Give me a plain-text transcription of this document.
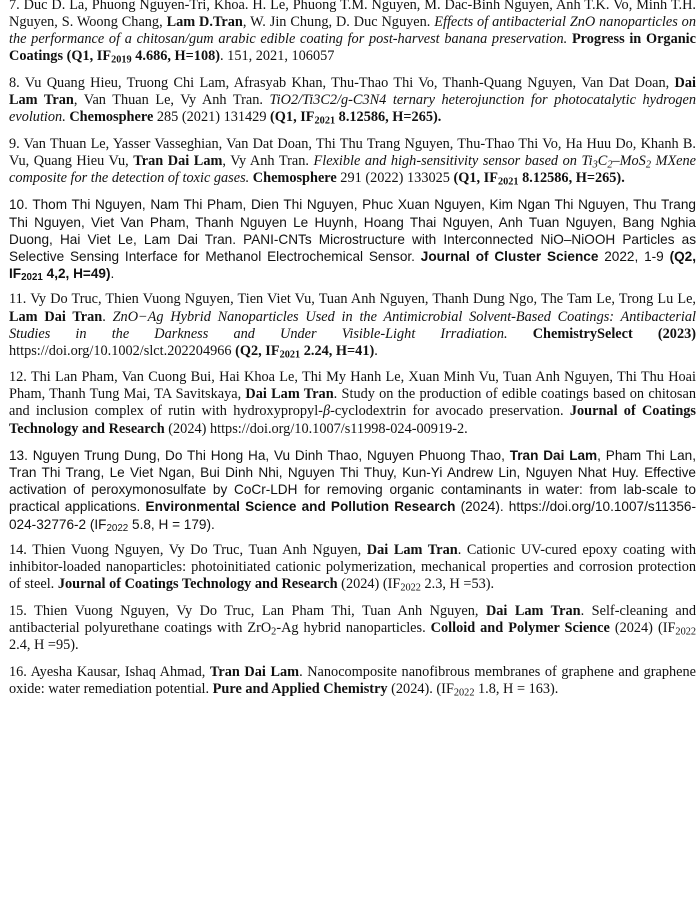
7. Duc D. La, Phuong Nguyen-Tri, Khoa. H. Le, Phuong T.M. Nguyen, M. Dac-Binh Nguyen, Anh T.K. Vo, Minh T.H. Nguyen, S. Woong Chang, Lam D.Tran, W. Jin Chung, D. Duc Nguyen. Effects of antibacterial ZnO nanoparticles on the performance of a chitosan/gum arabic edible coating for post-harvest banana preservation. Progress in Organic Coatings (Q1, $IF_{2019}$ 4.686, H=108). 151, 2021, 106057
8. Vu Quang Hieu, Truong Chi Lam, Afrasyab Khan, Thu-Thao Thi Vo, Thanh-Quang Nguyen, Van Dat Doan, Dai Lam Tran, Van Thuan Le, Vy Anh Tran. TiO2/Ti3C2/g-C3N4 ternary heterojunction for photocatalytic hydrogen evolution. Chemosphere 285 (2021) 131429 (Q1, $IF_{2021}$ 8.12586, H=265).
9. Van Thuan Le, Yasser Vasseghian, Van Dat Doan, Thi Thu Trang Nguyen, Thu-Thao Thi Vo, Ha Huu Do, Khanh B. Vu, Quang Hieu Vu, Tran Dai Lam, Vy Anh Tran. Flexible and high-sensitivity sensor based on $Ti_3C_2-MoS_2$ MXene composite for the detection of toxic gases. Chemosphere 291 (2022) 133025 (Q1, $IF_{2021}$ 8.12586, H=265).
10. Thom Thi Nguyen, Nam Thi Pham, Dien Thi Nguyen, Phuc Xuan Nguyen, Kim Ngan Thi Nguyen, Thu Trang Thi Nguyen, Viet Van Pham, Thanh Nguyen Le Huynh, Hoang Thai Nguyen, Anh Tuan Nguyen, Bang Nghia Duong, Hai Viet Le, Lam Dai Tran. PANI-CNTs Microstructure with Interconnected NiO–NiOOH Particles as Selective Sensing Interface for Methanol Electrochemical Sensor. Journal of Cluster Science 2022, 1-9 (Q2, $IF_{2021}$ 4,2, H=49).
11. Vy Do Truc, Thien Vuong Nguyen, Tien Viet Vu, Tuan Anh Nguyen, Thanh Dung Ngo, The Tam Le, Trong Lu Le, Lam Dai Tran. ZnO−Ag Hybrid Nanoparticles Used in the Antimicrobial Solvent-Based Coatings: Antibacterial Studies in the Darkness and Under Visible-Light Irradiation. ChemistrySelect (2023) https://doi.org/10.1002/slct.202204966 (Q2, $IF_{2021}$ 2.24, H=41).
12. Thi Lan Pham, Van Cuong Bui, Hai Khoa Le, Thi My Hanh Le, Xuan Minh Vu, Tuan Anh Nguyen, Thi Thu Hoai Pham, Thanh Tung Mai, TA Savitskaya, Dai Lam Tran. Study on the production of edible coatings based on chitosan and inclusion complex of rutin with hydroxypropyl-β-cyclodextrin for avocado preservation. Journal of Coatings Technology and Research (2024) https://doi.org/10.1007/s11998-024-00919-2.
13. Nguyen Trung Dung, Do Thi Hong Ha, Vu Dinh Thao, Nguyen Phuong Thao, Tran Dai Lam, Pham Thi Lan, Tran Thi Trang, Le Viet Ngan, Bui Dinh Nhi, Nguyen Thi Thuy, Kun-Yi Andrew Lin, Nguyen Nhat Huy. Effective activation of peroxymonosulfate by CoCr-LDH for removing organic contaminants in water: from lab-scale to practical applications. Environmental Science and Pollution Research (2024). https://doi.org/10.1007/s11356-024-32776-2 ($IF_{2022}$ 5.8, H = 179).
14. Thien Vuong Nguyen, Vy Do Truc, Tuan Anh Nguyen, Dai Lam Tran. Cationic UV-cured epoxy coating with inhibitor-loaded nanoparticles: photoinitiated cationic polymerization, mechanical properties and corrosion protection of steel. Journal of Coatings Technology and Research (2024) ($IF_{2022}$ 2.3, H =53).
15. Thien Vuong Nguyen, Vy Do Truc, Lan Pham Thi, Tuan Anh Nguyen, Dai Lam Tran. Self-cleaning and antibacterial polyurethane coatings with ZrO$_2$-Ag hybrid nanoparticles. Colloid and Polymer Science (2024) ($IF_{2022}$ 2.4, H =95).
16. Ayesha Kausar, Ishaq Ahmad, Tran Dai Lam. Nanocomposite nanofibrous membranes of graphene and graphene oxide: water remediation potential. Pure and Applied Chemistry (2024). ($IF_{2022}$ 1.8, H = 163).
